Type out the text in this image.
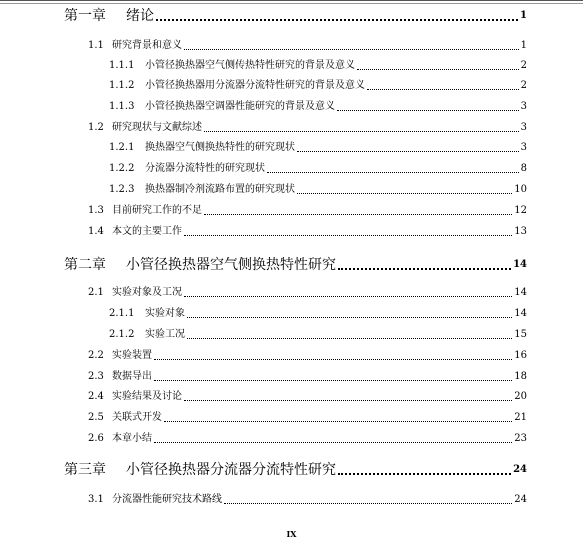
第一章	绪论	1
1.1 研究背景和意义	1
1.1.1	小管径换热器空气侧传热特性研究的背景及意义	2
1.1.2	小管径换热器用分流器分流特性研究的背景及意义	2
1.1.3	小管径换热器空调器性能研究的背景及意义	3
1.2 研究现状与文献综述	3
1.2.1	换热器空气侧换热特性的研究现状	3
1.2.2	分流器分流特性的研究现状	8
1.2.3	换热器制冷剂流路布置的研究现状	10
1.3 目前研究工作的不足	12
1.4 本文的主要工作	13
第二章	小管径换热器空气侧换热特性研究	14
2.1 实验对象及工况	14
2.1.1	实验对象	14
2.1.2	实验工况	15
2.2 实验装置	16
2.3 数据导出	18
2.4 实验结果及讨论	20
2.5 关联式开发	21
2.6 本章小结	23
第三章	小管径换热器分流器分流特性研究	24
3.1 分流器性能研究技术路线	24
IX
